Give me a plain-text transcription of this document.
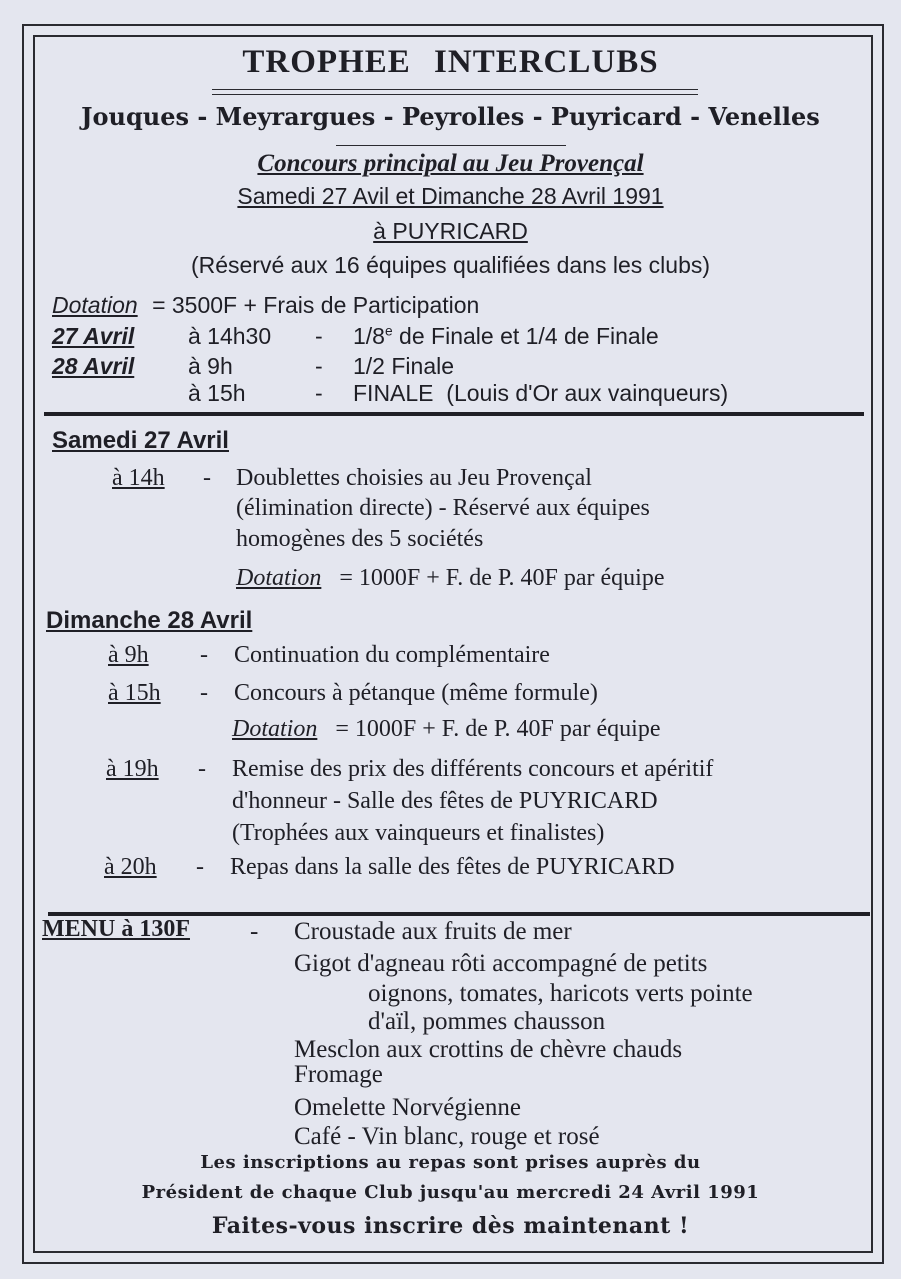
TROPHEE INTERCLUBS
Jouques - Meyrargues - Peyrolles - Puyricard - Venelles
Concours principal au Jeu Provençal
Samedi 27 Avil et Dimanche 28 Avril 1991
à PUYRICARD
(Réservé aux 16 équipes qualifiées dans les clubs)
Dotation = 3500F + Frais de Participation
27 Avril à 14h30 - 1/8e de Finale et 1/4 de Finale
28 Avril à 9h	- 1/2 Finale
à 15h	- FINALE  (Louis d'Or aux vainqueurs)
Samedi 27 Avril
à 14h - Doublettes choisies au Jeu Provençal
(élimination directe) - Réservé aux équipes
homogènes des 5 sociétés
Dotation = 1000F + F. de P. 40F par équipe
Dimanche 28 Avril
à 9h - Continuation du complémentaire
à 15h - Concours à pétanque (même formule)
Dotation = 1000F + F. de P. 40F par équipe
à 19h - Remise des prix des différents concours et apéritif
d'honneur - Salle des fêtes de PUYRICARD
(Trophées aux vainqueurs et finalistes)
à 20h - Repas dans la salle des fêtes de PUYRICARD
MENU à 130F - Croustade aux fruits de mer
Gigot d'agneau rôti accompagné de petits
oignons, tomates, haricots verts pointe
d'aïl, pommes chausson
Mesclon aux crottins de chèvre chauds
Fromage
Omelette Norvégienne
Café - Vin blanc, rouge et rosé
Les inscriptions au repas sont prises auprès du
Président de chaque Club jusqu'au mercredi 24 Avril 1991
Faites-vous inscrire dès maintenant !
